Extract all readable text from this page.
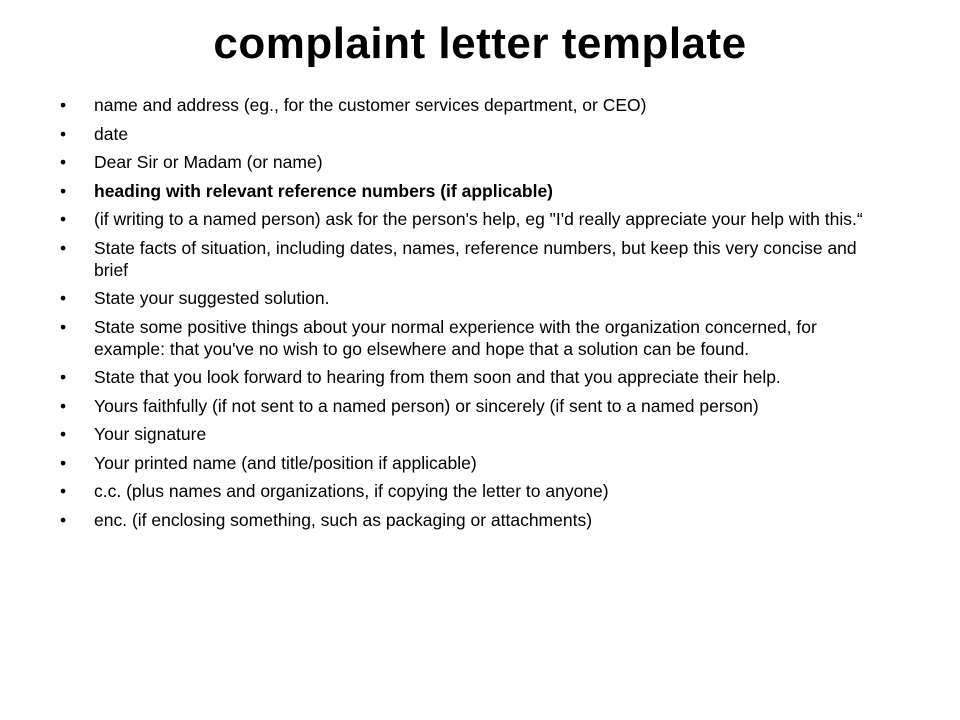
complaint letter template
•	name and address (eg., for the customer services department, or CEO)
•	date
•	Dear Sir or Madam (or name)
•	heading with relevant reference numbers (if applicable)
•	(if writing to a named person) ask for the person's help, eg "I'd really appreciate your help with this.“
•	State facts of situation, including dates, names, reference numbers, but keep this very concise and brief
•	State your suggested solution.
•	State some positive things about your normal experience with the organization concerned, for example: that you've no wish to go elsewhere and hope that a solution can be found.
•	State that you look forward to hearing from them soon and that you appreciate their help.
•	Yours faithfully (if not sent to a named person) or sincerely (if sent to a named person)
•	Your signature
•	Your printed name (and title/position if applicable)
•	c.c. (plus names and organizations, if copying the letter to anyone)
•	enc. (if enclosing something, such as packaging or attachments)
